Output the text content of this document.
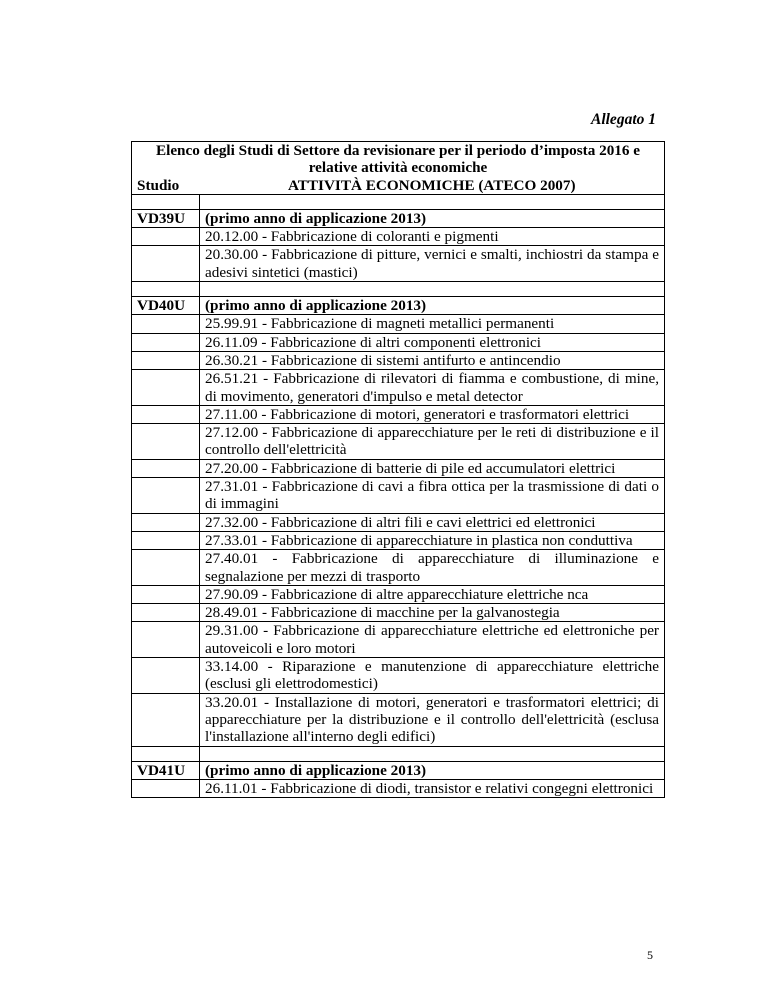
Allegato 1
Elenco degli Studi di Settore da revisionare per il periodo d’imposta 2016 e relative attività economiche	
Studio	ATTIVITÀ ECONOMICHE (ATECO 2007)

VD39U	(primo anno di applicazione 2013)
	20.12.00 - Fabbricazione di coloranti e pigmenti
	20.30.00 - Fabbricazione di pitture, vernici e smalti, inchiostri da stampa e adesivi sintetici (mastici)

VD40U	(primo anno di applicazione 2013)
	25.99.91 - Fabbricazione di magneti metallici permanenti
	26.11.09 - Fabbricazione di altri componenti elettronici
	26.30.21 - Fabbricazione di sistemi antifurto e antincendio
	26.51.21 - Fabbricazione di rilevatori di fiamma e combustione, di mine, di movimento, generatori d'impulso e metal detector
	27.11.00 - Fabbricazione di motori, generatori e trasformatori elettrici
	27.12.00 - Fabbricazione di apparecchiature per le reti di distribuzione e il controllo dell'elettricità
	27.20.00 - Fabbricazione di batterie di pile ed accumulatori elettrici
	27.31.01 - Fabbricazione di cavi a fibra ottica per la trasmissione di dati o di immagini
	27.32.00 - Fabbricazione di altri fili e cavi elettrici ed elettronici
	27.33.01 - Fabbricazione di apparecchiature in plastica non conduttiva
	27.40.01 - Fabbricazione di apparecchiature di illuminazione e segnalazione per mezzi di trasporto
	27.90.09 - Fabbricazione di altre apparecchiature elettriche nca
	28.49.01 - Fabbricazione di macchine per la galvanostegia
	29.31.00 - Fabbricazione di apparecchiature elettriche ed elettroniche per autoveicoli e loro motori
	33.14.00 - Riparazione e manutenzione di apparecchiature elettriche (esclusi gli elettrodomestici)
	33.20.01 - Installazione di motori, generatori e trasformatori elettrici; di apparecchiature per la distribuzione e il controllo dell'elettricità (esclusa l'installazione all'interno degli edifici)

VD41U	(primo anno di applicazione 2013)
	26.11.01 - Fabbricazione di diodi, transistor e relativi congegni elettronici
5
